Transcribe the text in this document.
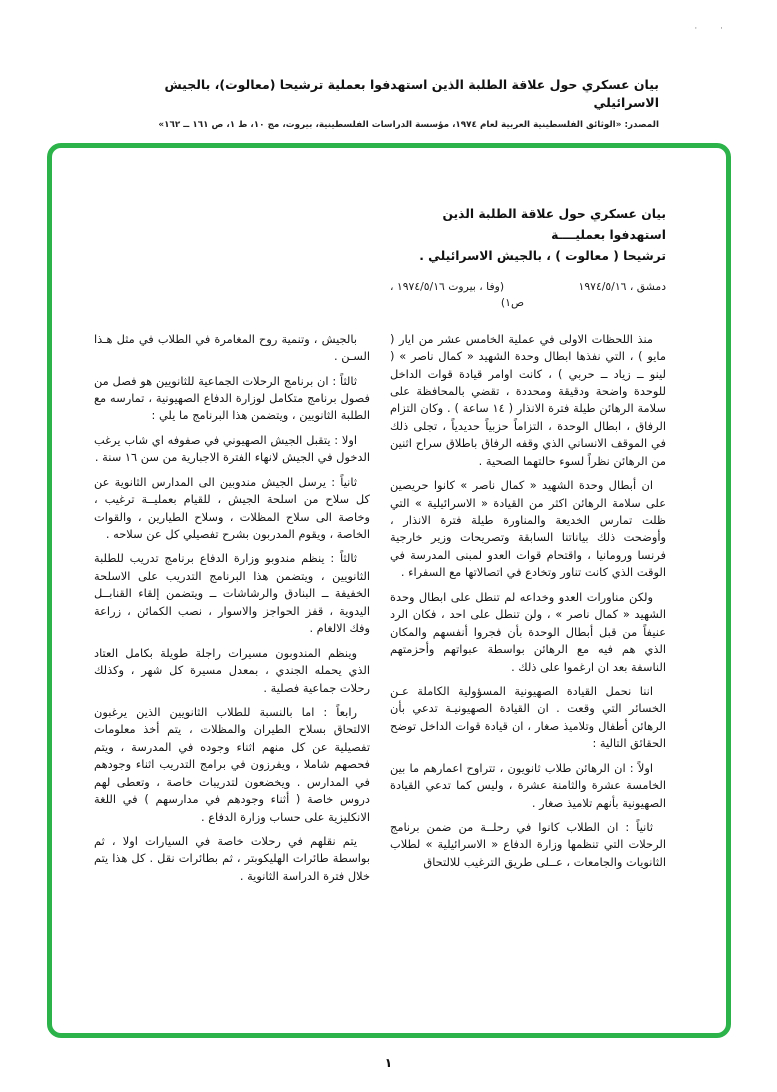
· ·
بيان عسكري حول علاقة الطلبة الذين استهدفوا بعملية ترشيحا (معالوت)، بالجيش الاسرائيلي
المصدر: «الوثائق الفلسطينية العربية لعام ١٩٧٤، مؤسسة الدراسات الفلسطينية، بيروت، مج ١٠، ط ١، ص ١٦١ ــ ١٦٢»
بيان عسكري حول علاقة الطلبة الذين استهدفوا بعمليــــة
ترشيحا ( معالوت ) ، بالجيش الاسرائيلي .
دمشق ، ١٩٧٤/٥/١٦
(وفا ، بيروت ١٩٧٤/٥/١٦ ،
ص١)

منذ اللحظات الاولى في عملية الخامس عشر من ايار ( مايو ) ، التي نفذها ابطال وحدة الشهيد « كمال ناصر » ( لينو ــ زياد ــ حربي ) ، كانت اوامر قيادة قوات الداخل للوحدة واضحة ودقيقة ومحددة ، تقضي بالمحافظة على سلامة الرهائن طيلة فترة الانذار ( ١٤ ساعة ) . وكان التزام الرفاق ، ابطال الوحدة ، التزاماً حزبياً حديدياً ، تجلى ذلك في الموقف الانساني الذي وقفه الرفاق باطلاق سراح اثنين من الرهائن نظراً لسوء حالتهما الصحية .

ان أبطال وحدة الشهيد « كمال ناصر » كانوا حريصين على سلامة الرهائن اكثر من القيادة « الاسرائيلية » التي ظلت تمارس الخديعة والمناورة طيلة فترة الانذار ، وأوضحت ذلك بياناتنا السابقة وتصريحات وزير خارجية فرنسا ورومانيا ، واقتحام قوات العدو لمبنى المدرسة في الوقت الذي كانت تناور وتخادع في اتصالاتها مع السفراء .

ولكن مناورات العدو وخداعه لم تنطل على ابطال وحدة الشهيد « كمال ناصر » ، ولن تنطل على احد ، فكان الرد عنيفاً من قبل أبطال الوحدة بأن فجروا أنفسهم والمكان الذي هم فيه مع الرهائن بواسطة عبواتهم وأحزمتهم الناسفة بعد ان ارغموا على ذلك .

اننا نحمل القيادة الصهيونية المسؤولية الكاملة عـن الخسائر التي وقعت . ان القيادة الصهيونيـة تدعي بأن الرهائن أطفال وتلاميذ صغار ، ان قيادة قوات الداخل توضح الحقائق التالية :

اولاً : ان الرهائن طلاب ثانويون ، تتراوح اعمارهم ما بين الخامسة عشرة والثامنة عشرة ، وليس كما تدعي القيادة الصهيونية بأنهم تلاميذ صغار .

ثانياً : ان الطلاب كانوا في رحلــة من ضمن برنامج الرحلات التي تنظمها وزارة الدفاع « الاسرائيلية » لطلاب الثانويات والجامعات ، عــلى طريق الترغيب للالتحاق

بالجيش ، وتنمية روح المغامرة في الطلاب في مثل هـذا السـن .

ثالثاً : ان برنامج الرحلات الجماعية للثانويين هو فصل من فصول برنامج متكامل لوزارة الدفاع الصهيونية ، تمارسه مع الطلبة الثانويين ، ويتضمن هذا البرنامج ما يلي :

اولا : يتقبل الجيش الصهيوني في صفوفه اي شاب يرغب الدخول في الجيش لانهاء الفترة الاجبارية من سن ١٦ سنة .

ثانياً : يرسل الجيش مندوبين الى المدارس الثانوية عن كل سلاح من اسلحة الجيش ، للقيام بعمليــة ترغيب ، وخاصة الى سلاح المظلات ، وسلاح الطيارين ، والقوات الخاصة ، ويقوم المدربون بشرح تفصيلي كل عن سلاحه .

ثالثاً : ينظم مندوبو وزارة الدفاع برنامج تدريب للطلبة الثانويين ، ويتضمن هذا البرنامج التدريب على الاسلحة الخفيفة ــ البنادق والرشاشات ــ ويتضمن إلقاء القنابــل اليدوية ، قفز الحواجز والاسوار ، نصب الكمائن ، زراعة وفك الالغام .

وينظم المندوبون مسيرات راجلة طويلة بكامل العتاد الذي يحمله الجندي ، بمعدل مسيرة كل شهر ، وكذلك رحلات جماعية فصلية .

رابعاً : اما بالنسبة للطلاب الثانويين الذين يرغبون الالتحاق بسلاح الطيران والمظلات ، يتم أخذ معلومات تفصيلية عن كل منهم اثناء وجوده في المدرسة ، ويتم فحصهم شاملا ، ويفرزون في برامج التدريب اثناء وجودهم في المدارس . ويخضعون لتدريبات خاصة ، وتعطى لهم دروس خاصة ( أثناء وجودهم في مدارسهم ) في اللغة الانكليزية على حساب وزارة الدفاع .

يتم نقلهم في رحلات خاصة في السيارات اولا ، ثم بواسطة طائرات الهليكوبتر ، ثم بطائرات نقل . كل هذا يتم خلال فترة الدراسة الثانوية .

١
